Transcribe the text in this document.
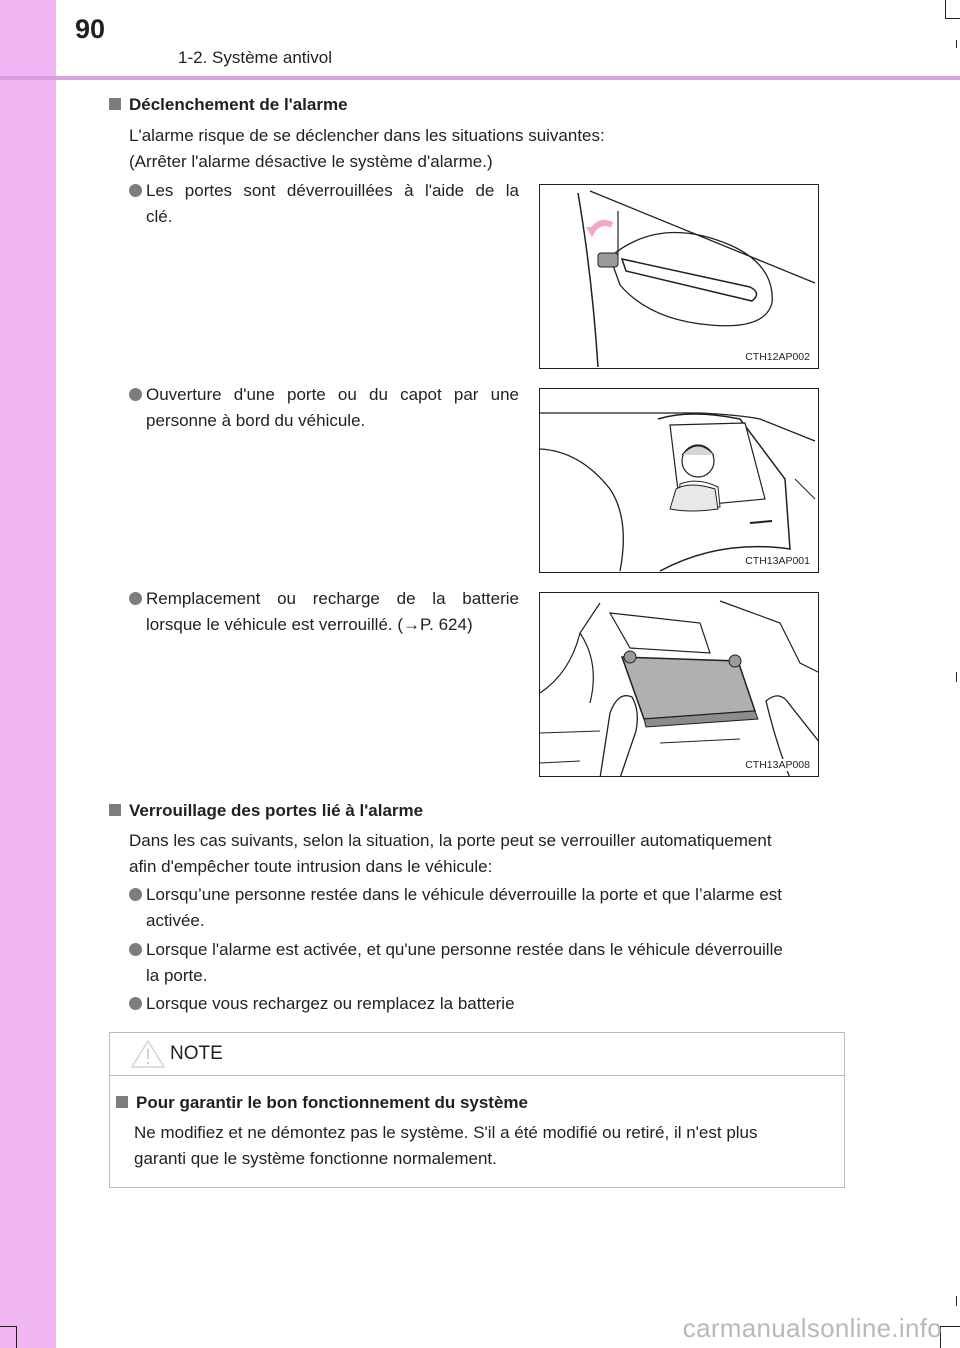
90
1-2. Système antivol
Déclenchement de l'alarme
L'alarme risque de se déclencher dans les situations suivantes:
(Arrêter l'alarme désactive le système d'alarme.)
Les portes sont déverrouillées à l'aide de la
clé.
CTH12AP002
Ouverture d'une porte ou du capot par une
personne à bord du véhicule.
CTH13AP001
Remplacement ou recharge de la batterie
lorsque le véhicule est verrouillé. (→P. 624)
CTH13AP008
Verrouillage des portes lié à l'alarme
Dans les cas suivants, selon la situation, la porte peut se verrouiller automatiquement
afin d'empêcher toute intrusion dans le véhicule:
Lorsqu’une personne restée dans le véhicule déverrouille la porte et que l’alarme est
activée.
Lorsque l'alarme est activée, et qu'une personne restée dans le véhicule déverrouille
la porte.
Lorsque vous rechargez ou remplacez la batterie
NOTE
Pour garantir le bon fonctionnement du système
Ne modifiez et ne démontez pas le système. S'il a été modifié ou retiré, il n'est plus
garanti que le système fonctionne normalement.
carmanualsonline.info
